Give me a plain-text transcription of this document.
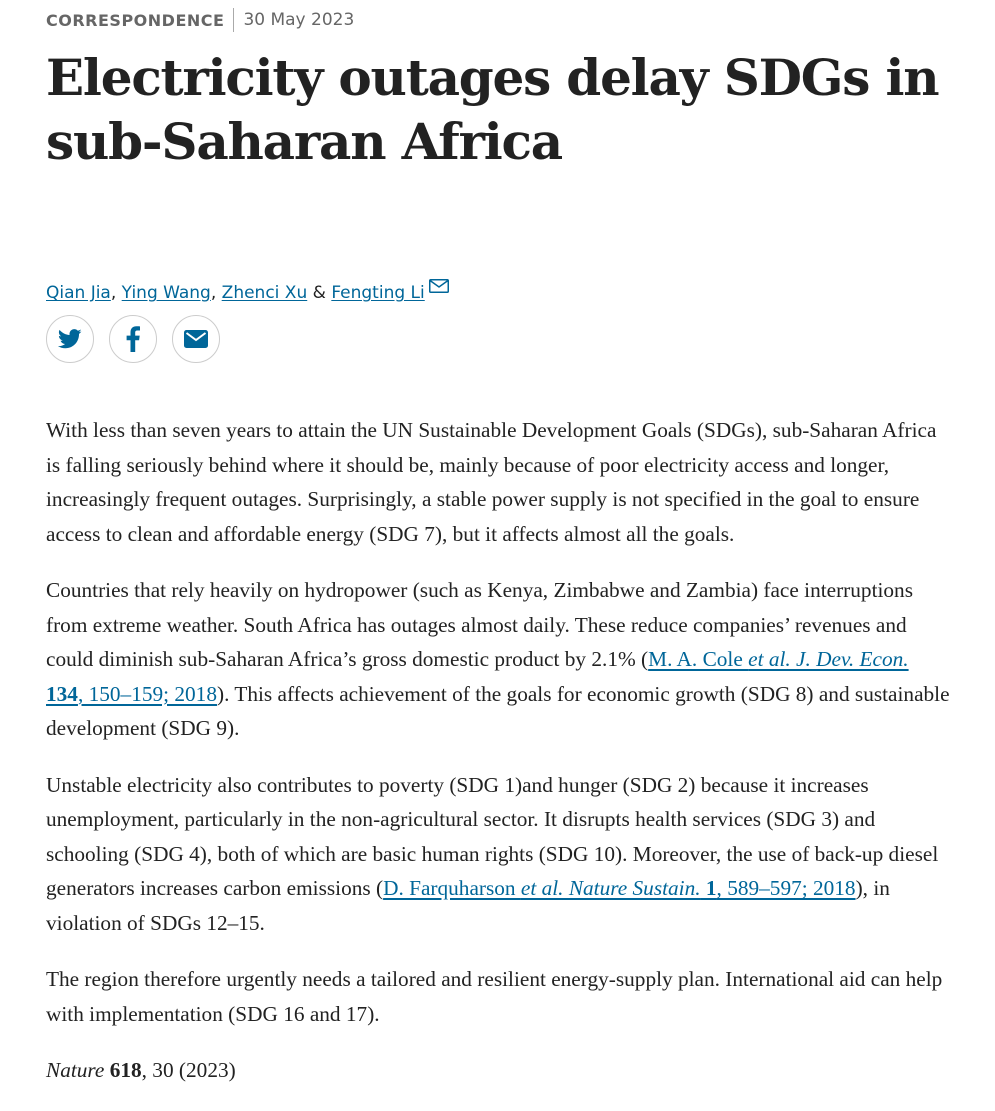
CORRESPONDENCE 30 May 2023
Electricity outages delay SDGs in sub-Saharan Africa
Qian Jia , Ying Wang , Zhenci Xu & Fengting Li

With less than seven years to attain the UN Sustainable Development Goals (SDGs), sub-Saharan Africa is falling seriously behind where it should be, mainly because of poor electricity access and longer, increasingly frequent outages. Surprisingly, a stable power supply is not specified in the goal to ensure access to clean and affordable energy (SDG 7), but it affects almost all the goals.

Countries that rely heavily on hydropower (such as Kenya, Zimbabwe and Zambia) face interruptions from extreme weather. South Africa has outages almost daily. These reduce companies’ revenues and could diminish sub-Saharan Africa’s gross domestic product by 2.1% (M. A. Cole et al. J. Dev. Econ. 134, 150–159; 2018). This affects achievement of the goals for economic growth (SDG 8) and sustainable development (SDG 9).

Unstable electricity also contributes to poverty (SDG 1)and hunger (SDG 2) because it increases unemployment, particularly in the non-agricultural sector. It disrupts health services (SDG 3) and schooling (SDG 4), both of which are basic human rights (SDG 10). Moreover, the use of back-up diesel generators increases carbon emissions (D. Farquharson et al. Nature Sustain. 1, 589–597; 2018), in violation of SDGs 12–15.

The region therefore urgently needs a tailored and resilient energy-supply plan. International aid can help with implementation (SDG 16 and 17).

Nature 618, 30 (2023)
